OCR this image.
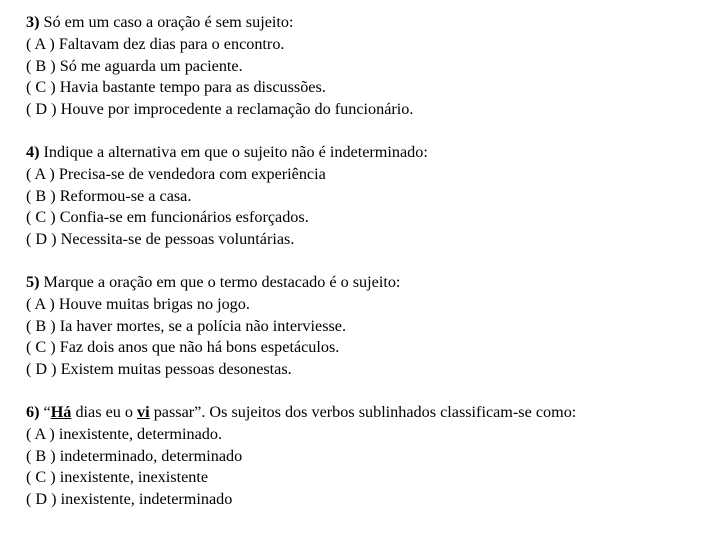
3) Só em um caso a oração é sem sujeito:
( A ) Faltavam dez dias para o encontro.
( B ) Só me aguarda um paciente.
( C ) Havia bastante tempo para as discussões.
( D ) Houve por improcedente a reclamação do funcionário.
4) Indique a alternativa em que o sujeito não é indeterminado:
( A ) Precisa-se de vendedora com experiência
( B ) Reformou-se a casa.
( C ) Confia-se em funcionários esforçados.
( D ) Necessita-se de pessoas voluntárias.
5) Marque a oração em que o termo destacado é o sujeito:
( A ) Houve muitas brigas no jogo.
( B ) Ia haver mortes, se a polícia não interviesse.
( C ) Faz dois anos que não há bons espetáculos.
( D ) Existem muitas pessoas desonestas.
6) “Há dias eu o vi passar”. Os sujeitos dos verbos sublinhados classificam-se como:
( A ) inexistente, determinado.
( B ) indeterminado, determinado
( C ) inexistente, inexistente
( D ) inexistente, indeterminado
